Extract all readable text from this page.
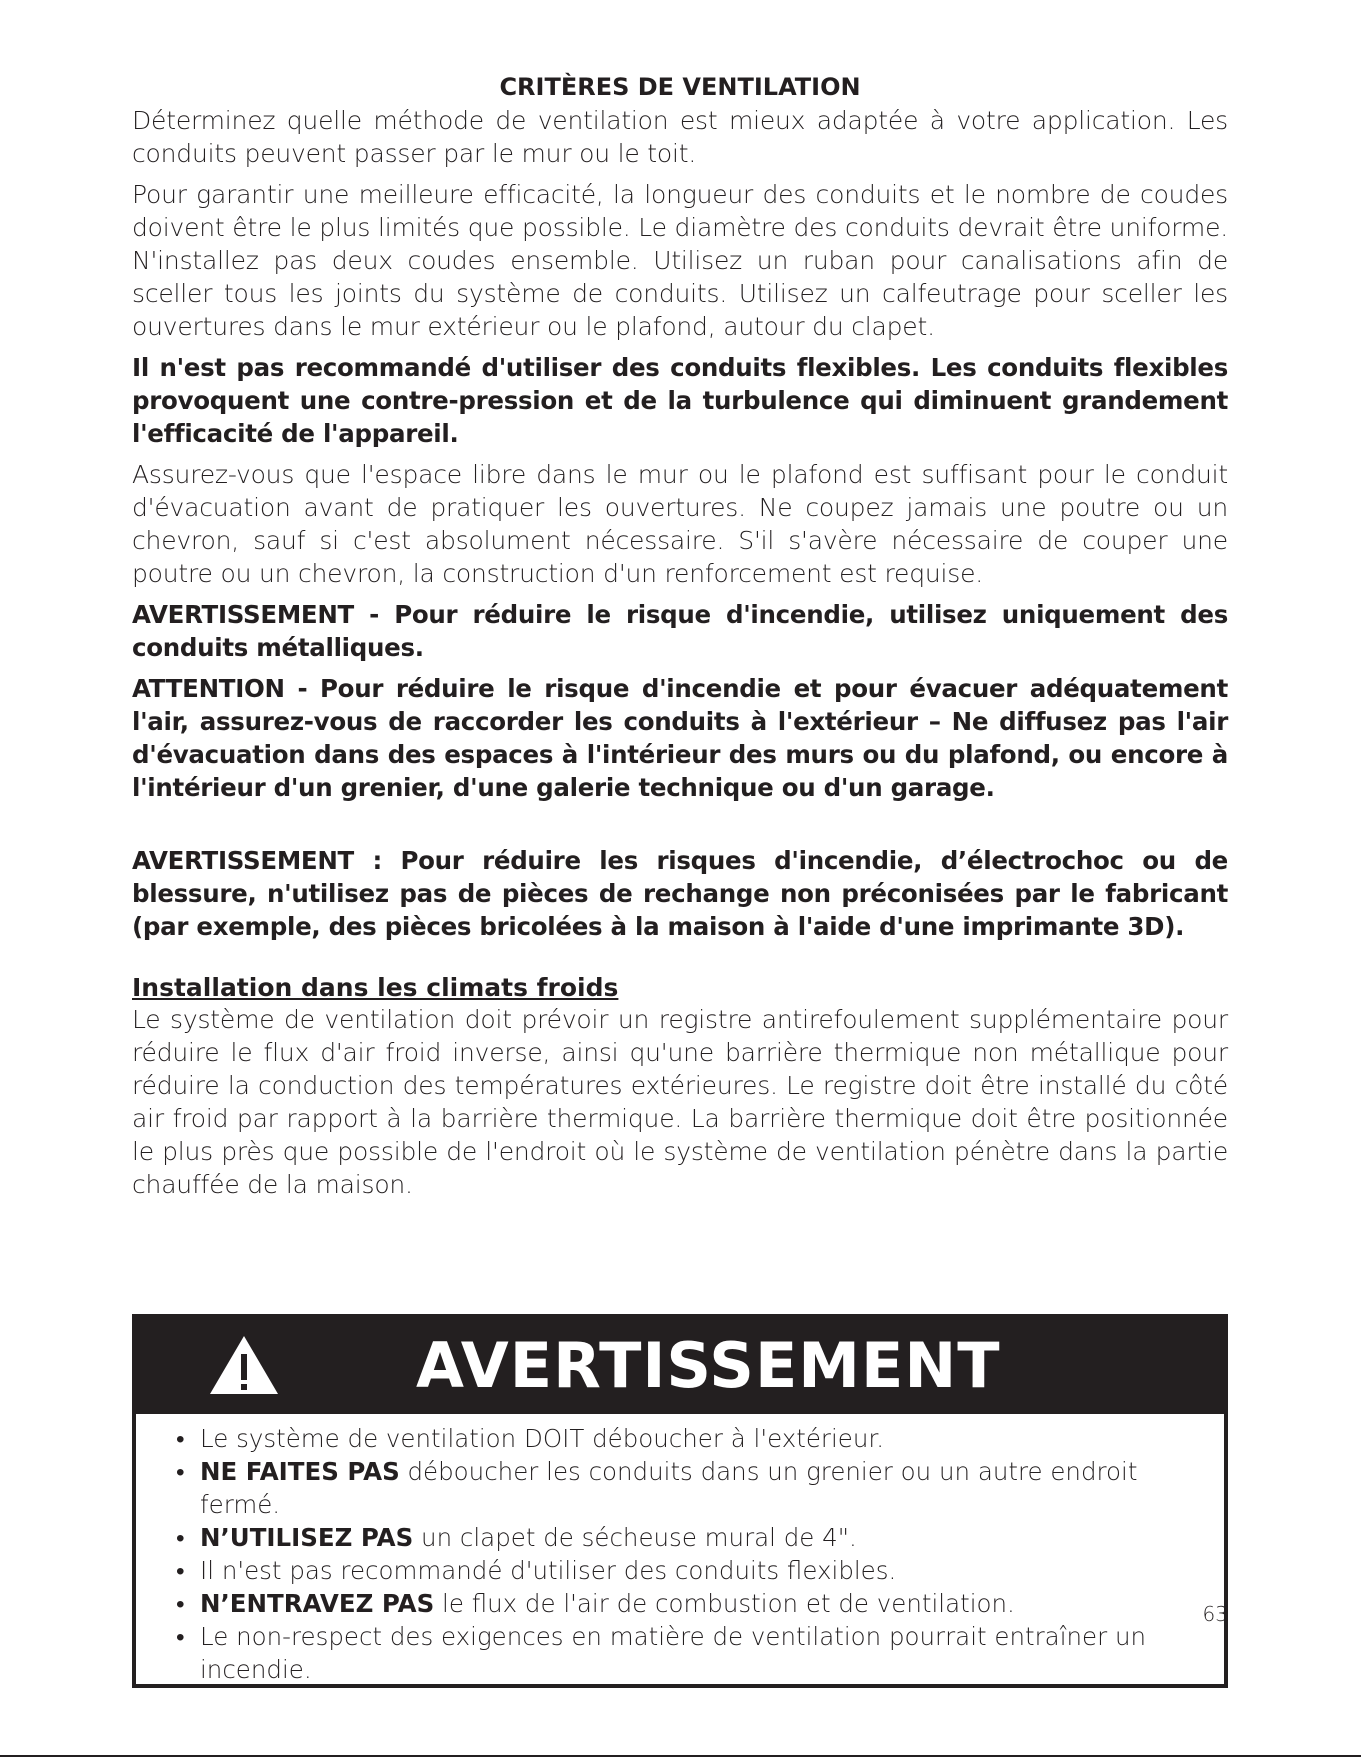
CRITÈRES DE VENTILATION

Déterminez quelle méthode de ventilation est mieux adaptée à votre application. Les conduits peuvent passer par le mur ou le toit.

Pour garantir une meilleure efficacité, la longueur des conduits et le nombre de coudes doivent être le plus limités que possible. Le diamètre des conduits devrait être uniforme. N'installez pas deux coudes ensemble. Utilisez un ruban pour canalisations afin de sceller tous les joints du système de conduits. Utilisez un calfeutrage pour sceller les ouvertures dans le mur extérieur ou le plafond, autour du clapet.

Il n'est pas recommandé d'utiliser des conduits flexibles. Les conduits flexibles provoquent une contre-pression et de la turbulence qui diminuent grandement l'efficacité de l'appareil.

Assurez-vous que l'espace libre dans le mur ou le plafond est suffisant pour le conduit d'évacuation avant de pratiquer les ouvertures. Ne coupez jamais une poutre ou un chevron, sauf si c'est absolument nécessaire. S'il s'avère nécessaire de couper une poutre ou un chevron, la construction d'un renforcement est requise.

AVERTISSEMENT - Pour réduire le risque d'incendie, utilisez uniquement des conduits métalliques.

ATTENTION - Pour réduire le risque d'incendie et pour évacuer adéquatement l'air, assurez-vous de raccorder les conduits à l'extérieur – Ne diffusez pas l'air d'évacuation dans des espaces à l'intérieur des murs ou du plafond, ou encore à l'intérieur d'un grenier, d'une galerie technique ou d'un garage.

AVERTISSEMENT : Pour réduire les risques d'incendie, d’électrochoc ou de blessure, n'utilisez pas de pièces de rechange non préconisées par le fabricant (par exemple, des pièces bricolées à la maison à l'aide d'une imprimante 3D).

Installation dans les climats froids

Le système de ventilation doit prévoir un registre antirefoulement supplémentaire pour réduire le flux d'air froid inverse, ainsi qu'une barrière thermique non métallique pour réduire la conduction des températures extérieures. Le registre doit être installé du côté air froid par rapport à la barrière thermique. La barrière thermique doit être positionnée le plus près que possible de l'endroit où le système de ventilation pénètre dans la partie chauffée de la maison.

AVERTISSEMENT
• Le système de ventilation DOIT déboucher à l'extérieur.
• NE FAITES PAS déboucher les conduits dans un grenier ou un autre endroit fermé.
• N’UTILISEZ PAS un clapet de sécheuse mural de 4".
• Il n'est pas recommandé d'utiliser des conduits flexibles.
• N’ENTRAVEZ PAS le flux de l'air de combustion et de ventilation.
• Le non-respect des exigences en matière de ventilation pourrait entraîner un incendie.
63
